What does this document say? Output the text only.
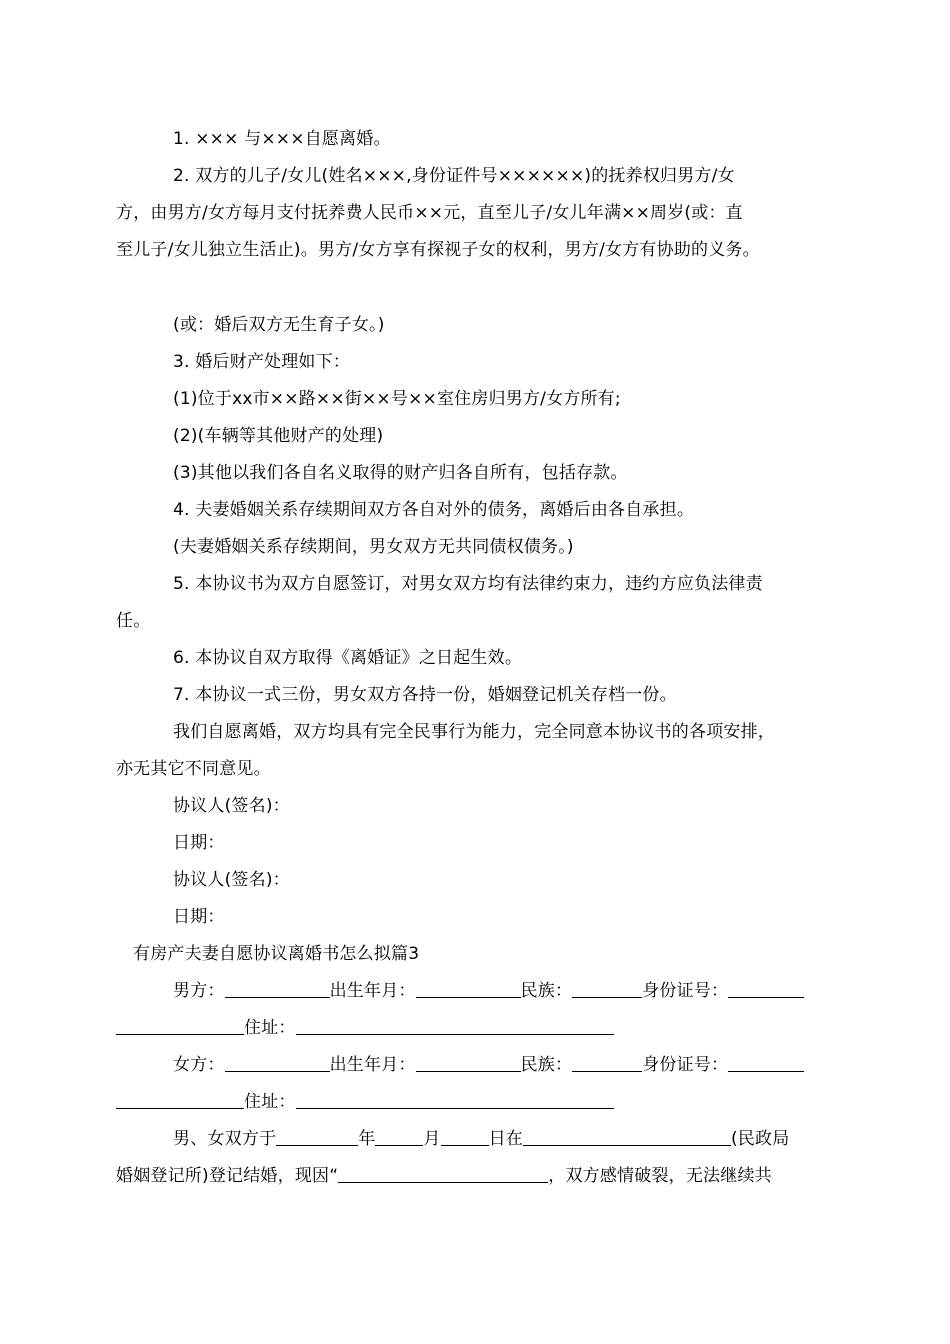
1. ××× 与×××自愿离婚。
2. 双方的儿子/女儿(姓名×××,身份证件号××××××)的抚养权归男方/女
方，由男方/女方每月支付抚养费人民币××元，直至儿子/女儿年满××周岁(或：直
至儿子/女儿独立生活止)。男方/女方享有探视子女的权利，男方/女方有协助的义务。
(或：婚后双方无生育子女。)
3. 婚后财产处理如下：
(1)位于xx市××路××街××号××室住房归男方/女方所有;
(2)(车辆等其他财产的处理)
(3)其他以我们各自名义取得的财产归各自所有，包括存款。
4. 夫妻婚姻关系存续期间双方各自对外的债务，离婚后由各自承担。
(夫妻婚姻关系存续期间，男女双方无共同债权债务。)
5. 本协议书为双方自愿签订，对男女双方均有法律约束力，违约方应负法律责
任。
6. 本协议自双方取得《离婚证》之日起生效。
7. 本协议一式三份，男女双方各持一份，婚姻登记机关存档一份。
我们自愿离婚，双方均具有完全民事行为能力，完全同意本协议书的各项安排，
亦无其它不同意见。
协议人(签名)：
日期：
协议人(签名)：
日期：
有房产夫妻自愿协议离婚书怎么拟篇3
男方：	出生年月：	民族：	身份证号：
住址：
女方：	出生年月：	民族：	身份证号：
住址：
男、女双方于	年	月	日在	(民政局
婚姻登记所)登记结婚，现因“	，双方感情破裂，无法继续共
